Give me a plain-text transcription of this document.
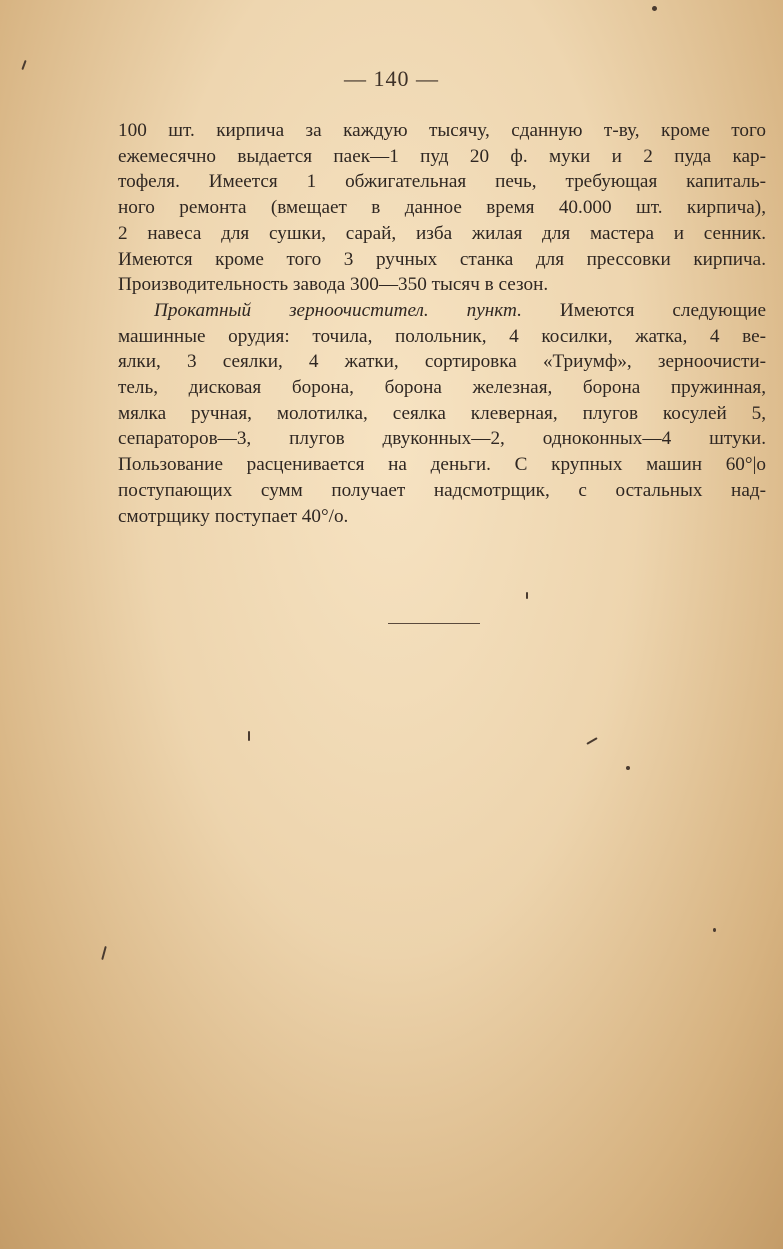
— 140 —
100 шт. кирпича за каждую тысячу, сданную т-ву, кроме того
ежемесячно выдается паек—1 пуд 20 ф. муки и 2 пуда кар-
тофеля. Имеется 1 обжигательная печь, требующая капиталь-
ного ремонта (вмещает в данное время 40.000 шт. кирпича),
2 навеса для сушки, сарай, изба жилая для мастера и сенник.
Имеются кроме того 3 ручных станка для прессовки кирпича.
Производительность завода 300—350 тысяч в сезон.
Прокатный зерноочистител. пункт. Имеются следующие
машинные орудия: точила, полольник, 4 косилки, жатка, 4 ве-
ялки, 3 сеялки, 4 жатки, сортировка «Триумф», зерноочисти-
тель, дисковая борона, борона железная, борона пружинная,
мялка ручная, молотилка, сеялка клеверная, плугов косулей 5,
сепараторов—3, плугов двуконных—2, одноконных—4 штуки.
Пользование расценивается на деньги. С крупных машин 60°|о
поступающих сумм получает надсмотрщик, с остальных над-
смотрщику поступает 40°/о.
